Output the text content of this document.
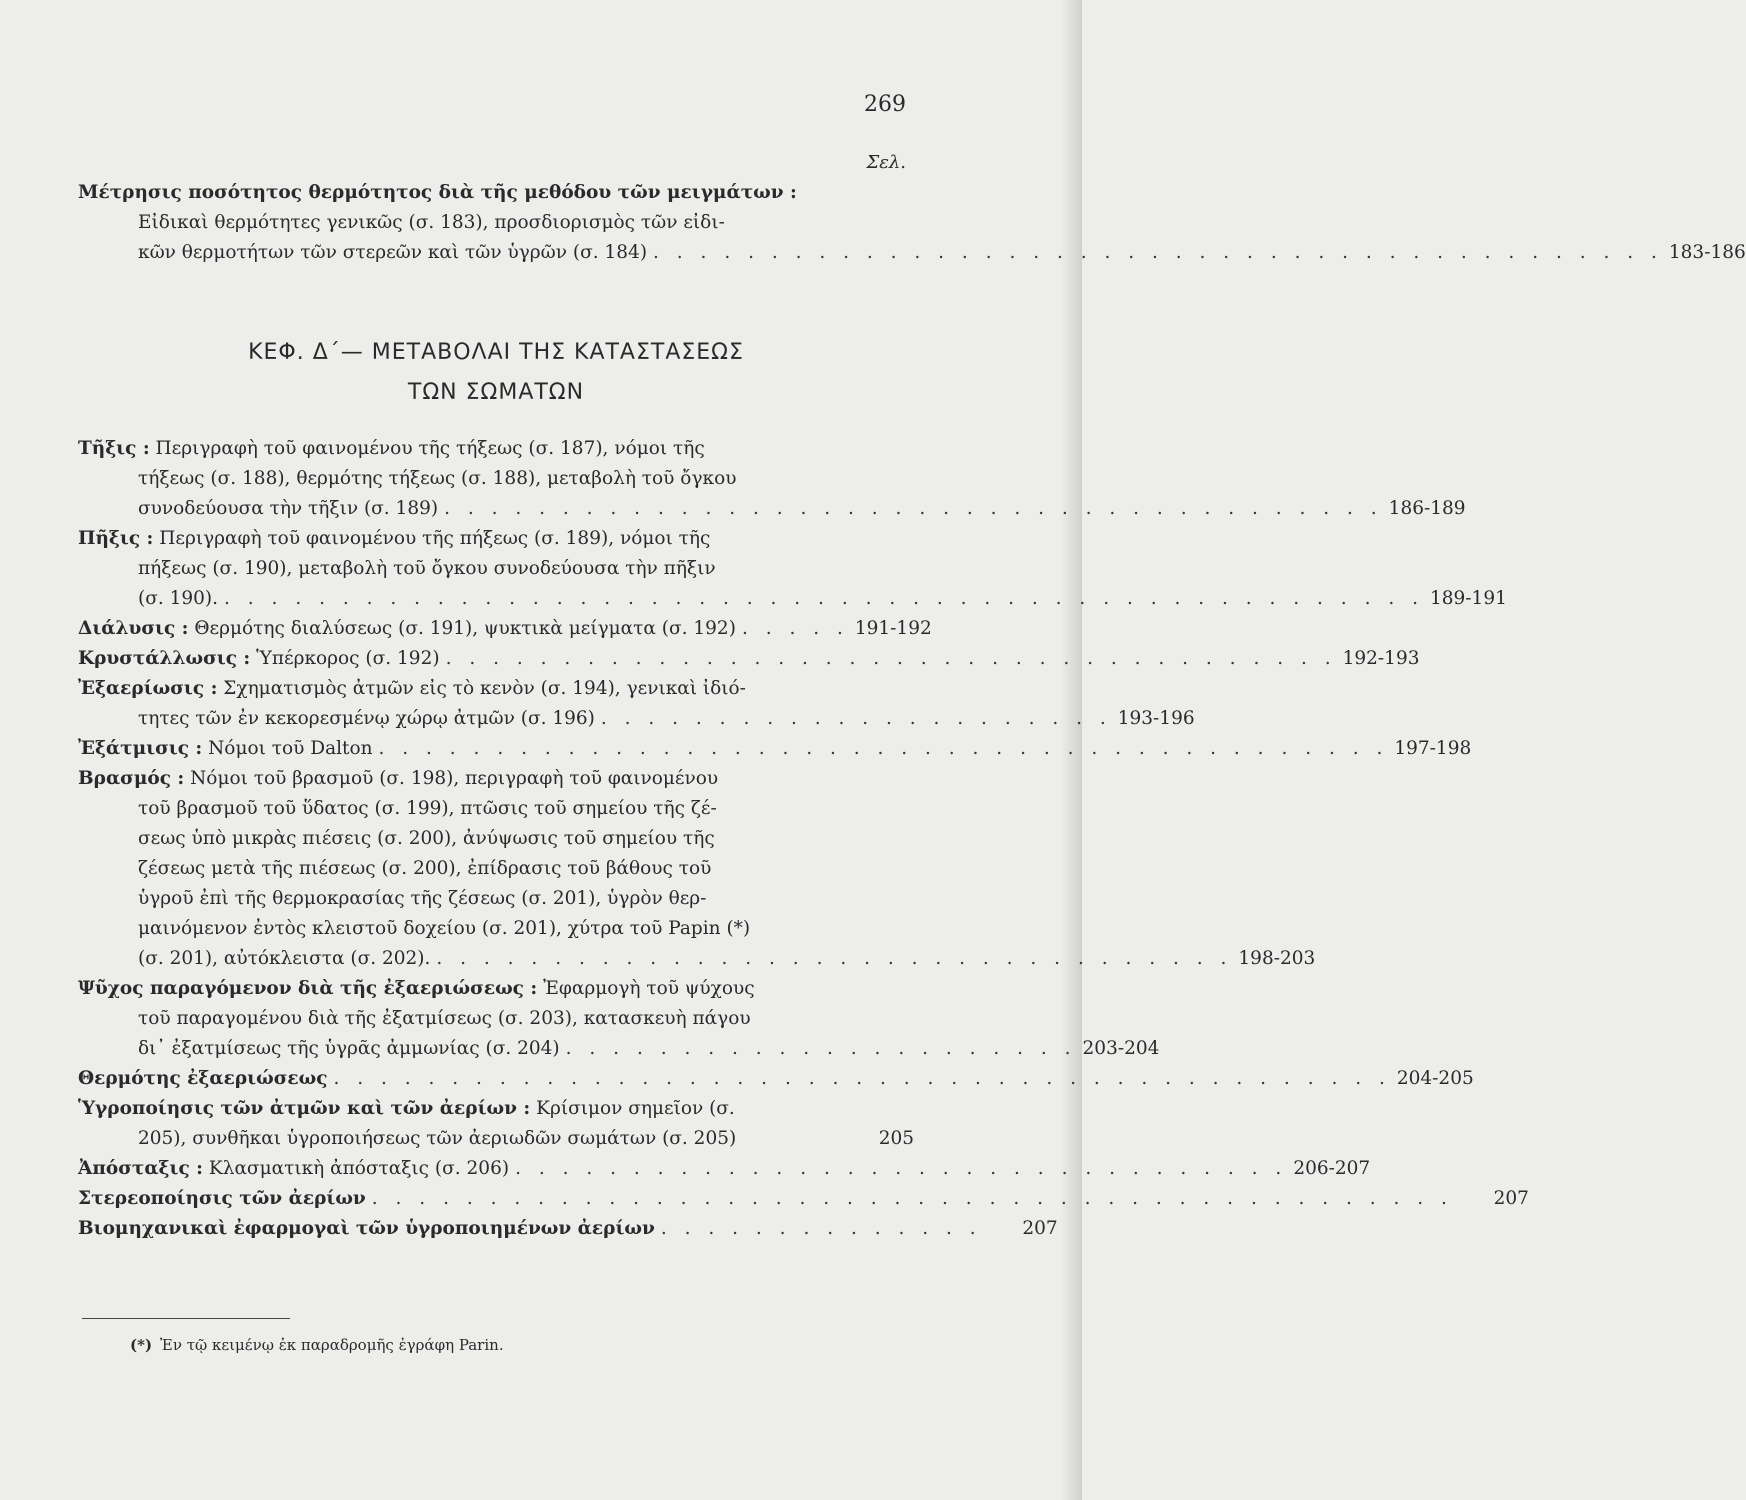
269
Σελ.
Μέτρησις ποσότητος θερμότητος διὰ τῆς μεθόδου τῶν μειγμάτων :
Εἰδικαὶ θερμότητες γενικῶς (σ. 183), προσδιορισμὸς τῶν εἰδι-
κῶν θερμοτήτων τῶν στερεῶν καὶ τῶν ὑγρῶν (σ. 184) . . . . . . . . . . . . . . . . . . . . . . . . . . . . . . . . . . . . . . . . . . . 183-186
ΚΕΦ. Δ΄— ΜΕΤΑΒΟΛΑΙ ΤΗΣ ΚΑΤΑΣΤΑΣΕΩΣ
ΤΩΝ ΣΩΜΑΤΩΝ
Τῆξις : Περιγραφὴ τοῦ φαινομένου τῆς τήξεως (σ. 187), νόμοι τῆς
τήξεως (σ. 188), θερμότης τήξεως (σ. 188), μεταβολὴ τοῦ ὄγκου
συνοδεύουσα τὴν τῆξιν (σ. 189) . . . . . . . . . . . . . . . . . . . . . . . . . . . . . . . . . . . . . . . . 186-189
Πῆξις : Περιγραφὴ τοῦ φαινομένου τῆς πήξεως (σ. 189), νόμοι τῆς
πήξεως (σ. 190), μεταβολὴ τοῦ ὄγκου συνοδεύουσα τὴν πῆξιν
(σ. 190). . . . . . . . . . . . . . . . . . . . . . . . . . . . . . . . . . . . . . . . . . . . . . . . . . . . 189-191
Διάλυσις : Θερμότης διαλύσεως (σ. 191), ψυκτικὰ μείγματα (σ. 192) . . . . . 191-192
Κρυστάλλωσις : Ὑπέρκορος (σ. 192) . . . . . . . . . . . . . . . . . . . . . . . . . . . . . . . . . . . . . . 192-193
Ἐξαερίωσις : Σχηματισμὸς ἀτμῶν εἰς τὸ κενὸν (σ. 194), γενικαὶ ἰδιό-
τητες τῶν ἐν κεκορεσμένῳ χώρῳ ἀτμῶν (σ. 196) . . . . . . . . . . . . . . . . . . . . . . 193-196
Ἐξάτμισις : Νόμοι τοῦ Dalton . . . . . . . . . . . . . . . . . . . . . . . . . . . . . . . . . . . . . . . . . . . 197-198
Βρασμός : Νόμοι τοῦ βρασμοῦ (σ. 198), περιγραφὴ τοῦ φαινομένου
τοῦ βρασμοῦ τοῦ ὕδατος (σ. 199), πτῶσις τοῦ σημείου τῆς ζέ-
σεως ὑπὸ μικρὰς πιέσεις (σ. 200), ἀνύψωσις τοῦ σημείου τῆς
ζέσεως μετὰ τῆς πιέσεως (σ. 200), ἐπίδρασις τοῦ βάθους τοῦ
ὑγροῦ ἐπὶ τῆς θερμοκρασίας τῆς ζέσεως (σ. 201), ὑγρὸν θερ-
μαινόμενον ἐντὸς κλειστοῦ δοχείου (σ. 201), χύτρα τοῦ Papin (*)
(σ. 201), αὐτόκλειστα (σ. 202). . . . . . . . . . . . . . . . . . . . . . . . . . . . . . . . . . . 198-203
Ψῦχος παραγόμενον διὰ τῆς ἐξαεριώσεως : Ἐφαρμογὴ τοῦ ψύχους
τοῦ παραγομένου διὰ τῆς ἐξατμίσεως (σ. 203), κατασκευὴ πάγου
δι᾽ ἐξατμίσεως τῆς ὑγρᾶς ἀμμωνίας (σ. 204) . . . . . . . . . . . . . . . . . . . . . . 203-204
Θερμότης ἐξαεριώσεως . . . . . . . . . . . . . . . . . . . . . . . . . . . . . . . . . . . . . . . . . . . . . 204-205
Ὑγροποίησις τῶν ἀτμῶν καὶ τῶν ἀερίων : Κρίσιμον σημεῖον (σ.
205), συνθῆκαι ὑγροποιήσεως τῶν ἀεριωδῶν σωμάτων (σ. 205)	205
Ἀπόσταξις : Κλασματικὴ ἀπόσταξις (σ. 206) . . . . . . . . . . . . . . . . . . . . . . . . . . . . . . . . . 206-207
Στερεοποίησις τῶν ἀερίων . . . . . . . . . . . . . . . . . . . . . . . . . . . . . . . . . . . . . . . . . . . . . .	207
Βιομηχανικαὶ ἐφαρμογαὶ τῶν ὑγροποιημένων ἀερίων . . . . . . . . . . . . . .	207
(*) Ἐν τῷ κειμένῳ ἐκ παραδρομῆς ἐγράφη Parin.
